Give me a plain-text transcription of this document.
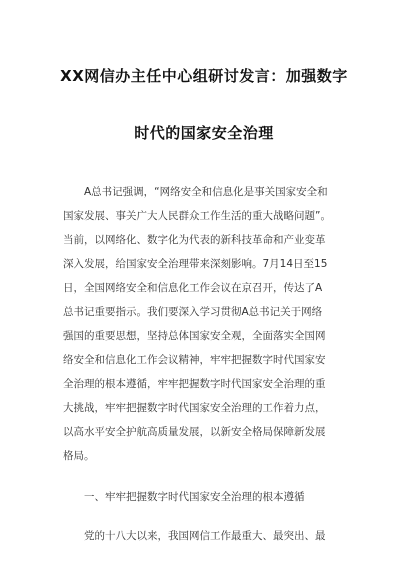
XX网信办主任中心组研讨发言：加强数字
时代的国家安全治理
A总书记强调，“网络安全和信息化是事关国家安全和
国家发展、事关广大人民群众工作生活的重大战略问题”。
当前，以网络化、数字化为代表的新科技革命和产业变革
深入发展，给国家安全治理带来深刻影响。7月14日至15
日，全国网络安全和信息化工作会议在京召开，传达了A
总书记重要指示。我们要深入学习贯彻A总书记关于网络
强国的重要思想，坚持总体国家安全观，全面落实全国网
络安全和信息化工作会议精神，牢牢把握数字时代国家安
全治理的根本遵循，牢牢把握数字时代国家安全治理的重
大挑战，牢牢把握数字时代国家安全治理的工作着力点，
以高水平安全护航高质量发展，以新安全格局保障新发展
格局。
一、牢牢把握数字时代国家安全治理的根本遵循
党的十八大以来，我国网信工作最重大、最突出、最
